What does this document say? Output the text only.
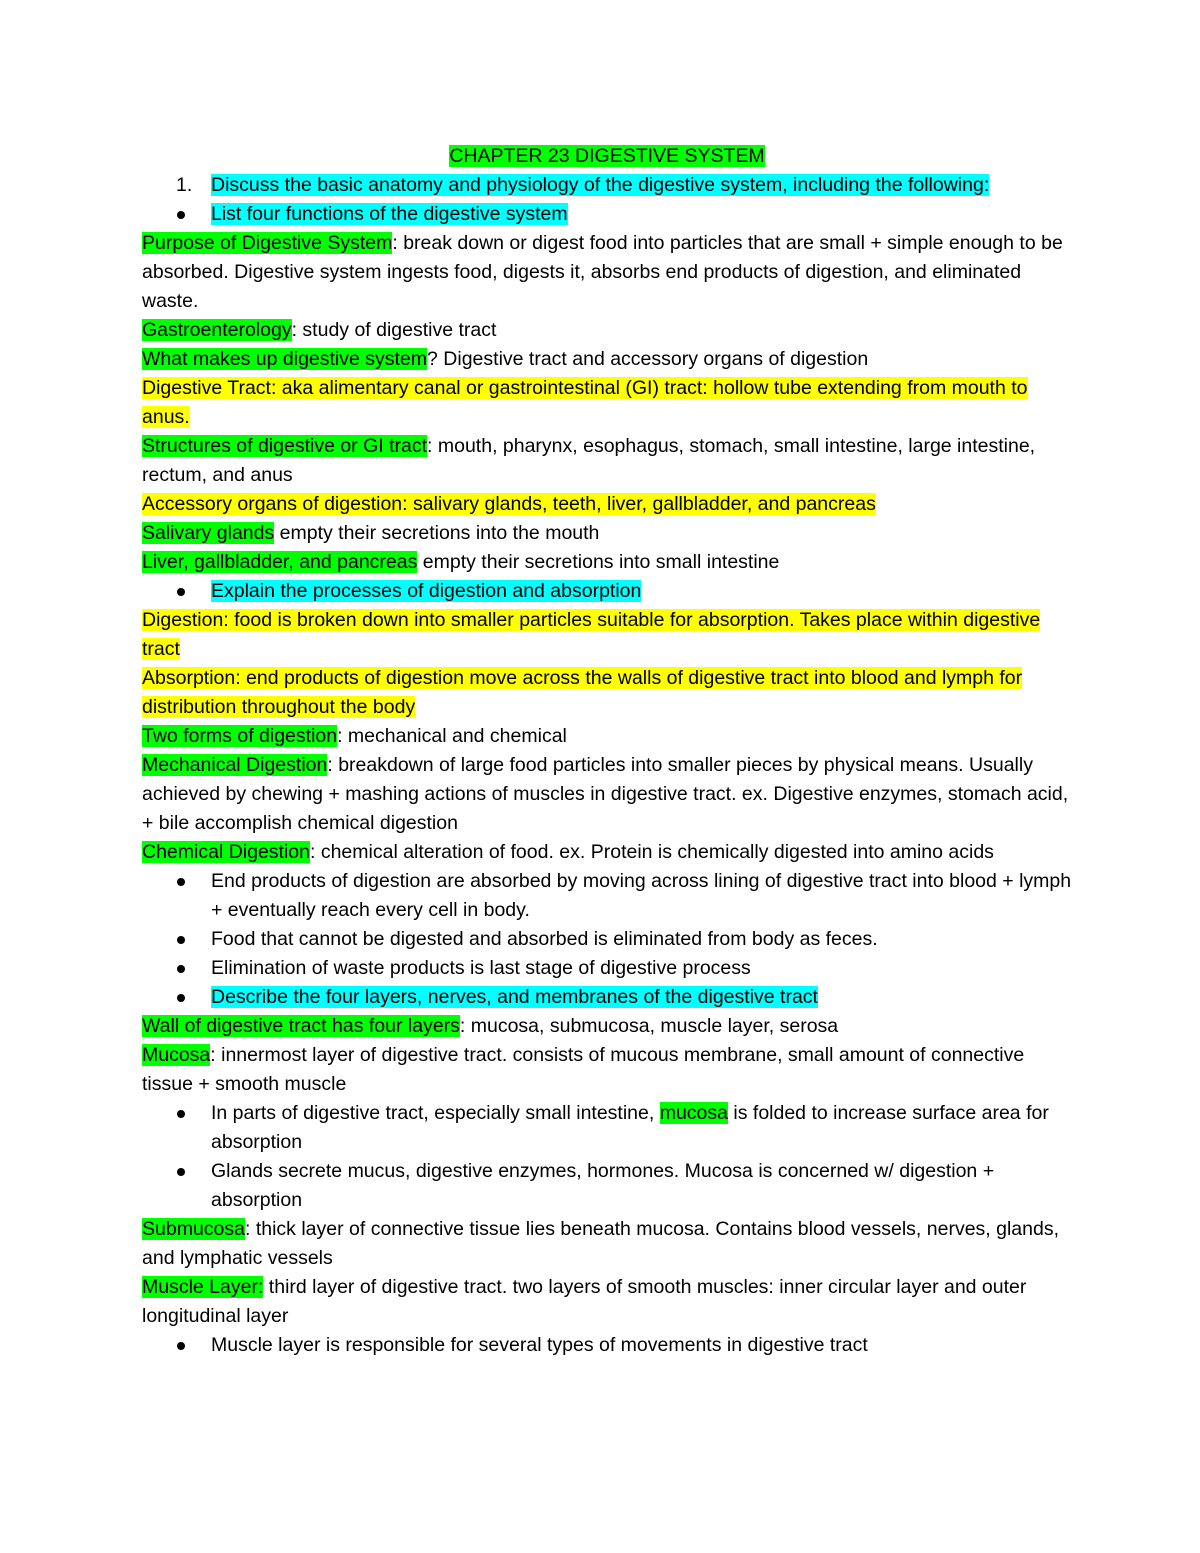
CHAPTER 23 DIGESTIVE SYSTEM

1. Discuss the basic anatomy and physiology of the digestive system, including the following:
List four functions of the digestive system

Purpose of Digestive System: break down or digest food into particles that are small + simple enough to be absorbed. Digestive system ingests food, digests it, absorbs end products of digestion, and eliminated waste.

Gastroenterology: study of digestive tract

What makes up digestive system? Digestive tract and accessory organs of digestion

Digestive Tract: aka alimentary canal or gastrointestinal (GI) tract: hollow tube extending from mouth to anus.

Structures of digestive or GI tract: mouth, pharynx, esophagus, stomach, small intestine, large intestine, rectum, and anus

Accessory organs of digestion: salivary glands, teeth, liver, gallbladder, and pancreas

Salivary glands empty their secretions into the mouth

Liver, gallbladder, and pancreas empty their secretions into small intestine

Explain the processes of digestion and absorption

Digestion: food is broken down into smaller particles suitable for absorption. Takes place within digestive tract

Absorption: end products of digestion move across the walls of digestive tract into blood and lymph for distribution throughout the body

Two forms of digestion: mechanical and chemical

Mechanical Digestion: breakdown of large food particles into smaller pieces by physical means. Usually achieved by chewing + mashing actions of muscles in digestive tract. ex. Digestive enzymes, stomach acid, + bile accomplish chemical digestion

Chemical Digestion: chemical alteration of food. ex. Protein is chemically digested into amino acids

End products of digestion are absorbed by moving across lining of digestive tract into blood + lymph + eventually reach every cell in body.
Food that cannot be digested and absorbed is eliminated from body as feces.
Elimination of waste products is last stage of digestive process
Describe the four layers, nerves, and membranes of the digestive tract

Wall of digestive tract has four layers: mucosa, submucosa, muscle layer, serosa

Mucosa: innermost layer of digestive tract. consists of mucous membrane, small amount of connective tissue + smooth muscle

In parts of digestive tract, especially small intestine, mucosa is folded to increase surface area for absorption
Glands secrete mucus, digestive enzymes, hormones. Mucosa is concerned w/ digestion + absorption

Submucosa: thick layer of connective tissue lies beneath mucosa. Contains blood vessels, nerves, glands, and lymphatic vessels

Muscle Layer: third layer of digestive tract. two layers of smooth muscles: inner circular layer and outer longitudinal layer

Muscle layer is responsible for several types of movements in digestive tract
